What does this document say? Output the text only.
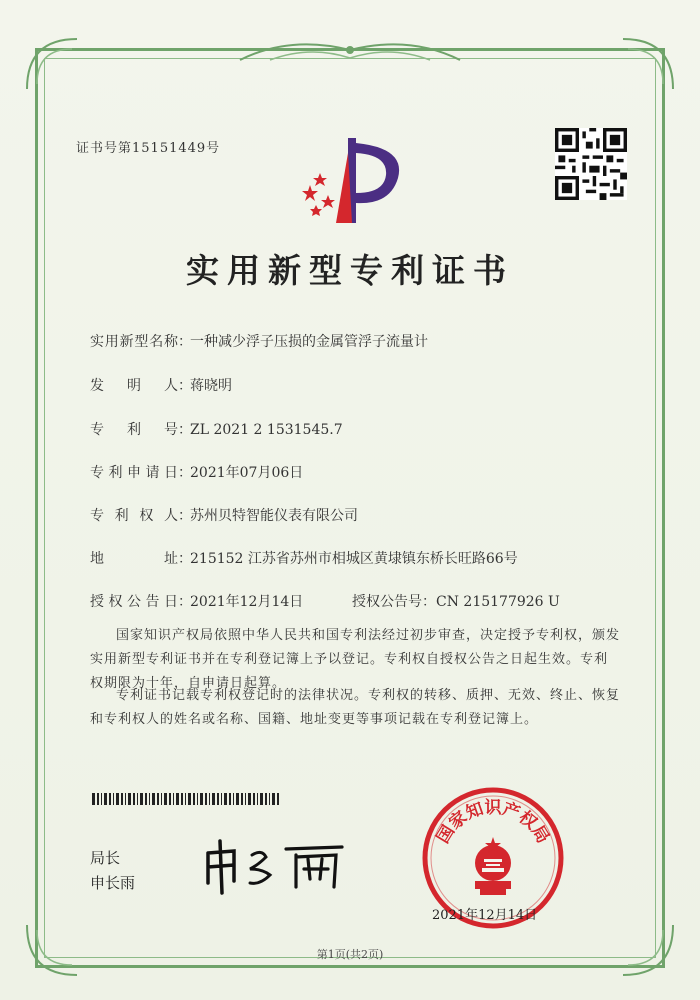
证书号第15151449号
实用新型专利证书
实用新型名称：一种减少浮子压损的金属管浮子流量计
发明人：蒋晓明
专利号：ZL 2021 2 1531545.7
专利申请日：2021年07月06日
专利权人：苏州贝特智能仪表有限公司
地址：215152 江苏省苏州市相城区黄埭镇东桥长旺路66号
授权公告日：2021年12月14日	授权公告号：CN 215177926 U
国家知识产权局依照中华人民共和国专利法经过初步审查，决定授予专利权，颁发实用新型专利证书并在专利登记簿上予以登记。专利权自授权公告之日起生效。专利权期限为十年，自申请日起算。
专利证书记载专利权登记时的法律状况。专利权的转移、质押、无效、终止、恢复和专利权人的姓名或名称、国籍、地址变更等事项记载在专利登记簿上。
局长
申长雨
国家知识产权局
2021年12月14日
第1页(共2页)
